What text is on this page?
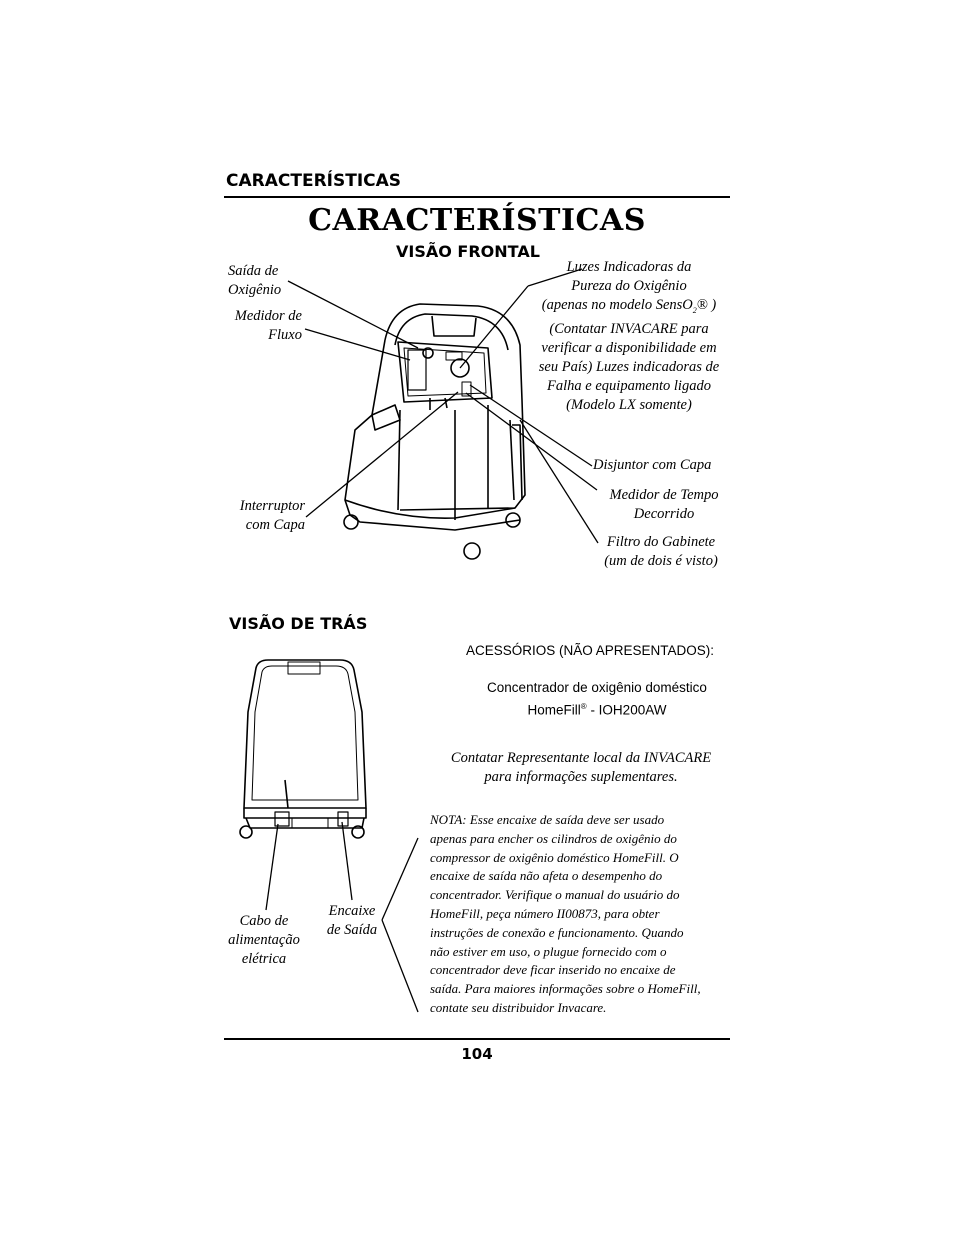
CARACTERÍSTICAS
CARACTERÍSTICAS
VISÃO FRONTAL
Saída de
Oxigênio
Medidor de
Fluxo
Luzes Indicadoras da
Pureza do Oxigênio
(apenas no modelo SensO$_2$® )
(Contatar INVACARE para
verificar a disponibilidade em
seu País) Luzes indicadoras de
Falha e equipamento ligado
(Modelo LX somente)
Disjuntor com Capa
Medidor de Tempo
Decorrido
Interruptor
com Capa
Filtro do Gabinete
(um de dois é visto)
VISÃO DE TRÁS
ACESSÓRIOS (NÃO APRESENTADOS):
Concentrador de oxigênio doméstico
HomeFill® - IOH200AW
Contatar Representante local da INVACARE
para informações suplementares.
Cabo de
alimentação
elétrica
Encaixe
de Saída
NOTA: Esse encaixe de saída deve ser usado
apenas para encher os cilindros de oxigênio do
compressor de oxigênio doméstico HomeFill. O
encaixe de saída não afeta o desempenho do
concentrador. Verifique o manual do usuário do
HomeFill, peça número II00873, para obter
instruções de conexão e funcionamento. Quando
não estiver em uso, o plugue fornecido com o
concentrador deve ficar inserido no encaixe de
saída. Para maiores informações sobre o HomeFill,
contate seu distribuidor Invacare.
104
